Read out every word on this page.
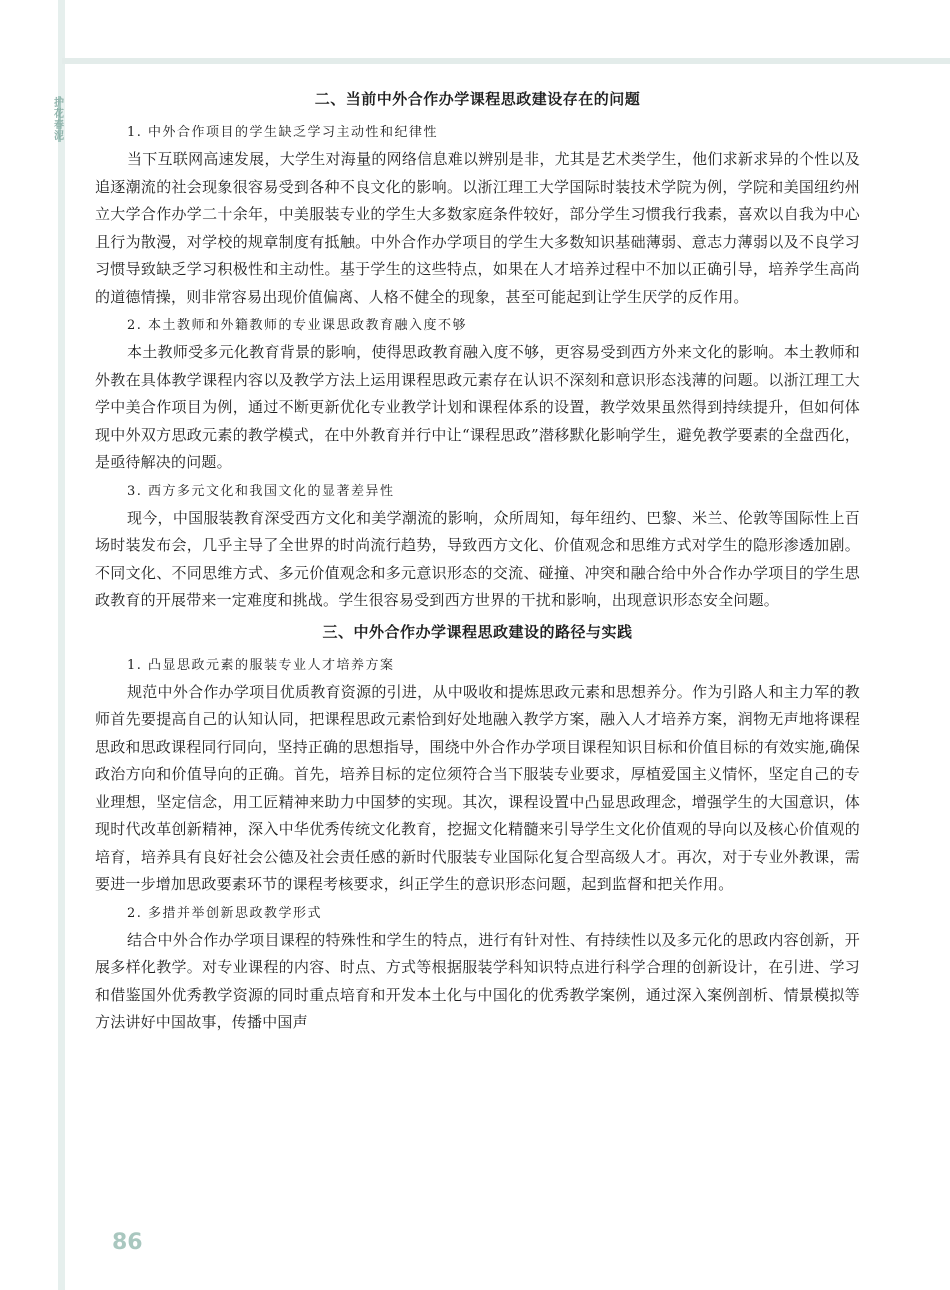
护花春泥
二、当前中外合作办学课程思政建设存在的问题
1. 中外合作项目的学生缺乏学习主动性和纪律性

当下互联网高速发展，大学生对海量的网络信息难以辨别是非，尤其是艺术类学生，他们求新求异的个性以及追逐潮流的社会现象很容易受到各种不良文化的影响。以浙江理工大学国际时装技术学院为例，学院和美国纽约州立大学合作办学二十余年，中美服装专业的学生大多数家庭条件较好，部分学生习惯我行我素，喜欢以自我为中心且行为散漫，对学校的规章制度有抵触。中外合作办学项目的学生大多数知识基础薄弱、意志力薄弱以及不良学习习惯导致缺乏学习积极性和主动性。基于学生的这些特点，如果在人才培养过程中不加以正确引导，培养学生高尚的道德情操，则非常容易出现价值偏离、人格不健全的现象，甚至可能起到让学生厌学的反作用。

2. 本土教师和外籍教师的专业课思政教育融入度不够

本土教师受多元化教育背景的影响，使得思政教育融入度不够，更容易受到西方外来文化的影响。本土教师和外教在具体教学课程内容以及教学方法上运用课程思政元素存在认识不深刻和意识形态浅薄的问题。以浙江理工大学中美合作项目为例，通过不断更新优化专业教学计划和课程体系的设置，教学效果虽然得到持续提升，但如何体现中外双方思政元素的教学模式，在中外教育并行中让“课程思政”潜移默化影响学生，避免教学要素的全盘西化，是亟待解决的问题。

3. 西方多元文化和我国文化的显著差异性

现今，中国服装教育深受西方文化和美学潮流的影响，众所周知，每年纽约、巴黎、米兰、伦敦等国际性上百场时装发布会，几乎主导了全世界的时尚流行趋势，导致西方文化、价值观念和思维方式对学生的隐形渗透加剧。不同文化、不同思维方式、多元价值观念和多元意识形态的交流、碰撞、冲突和融合给中外合作办学项目的学生思政教育的开展带来一定难度和挑战。学生很容易受到西方世界的干扰和影响，出现意识形态安全问题。

三、中外合作办学课程思政建设的路径与实践
1. 凸显思政元素的服装专业人才培养方案

规范中外合作办学项目优质教育资源的引进，从中吸收和提炼思政元素和思想养分。作为引路人和主力军的教师首先要提高自己的认知认同，把课程思政元素恰到好处地融入教学方案，融入人才培养方案，润物无声地将课程思政和思政课程同行同向，坚持正确的思想指导，围绕中外合作办学项目课程知识目标和价值目标的有效实施,确保政治方向和价值导向的正确。首先，培养目标的定位须符合当下服装专业要求，厚植爱国主义情怀，坚定自己的专业理想，坚定信念，用工匠精神来助力中国梦的实现。其次，课程设置中凸显思政理念，增强学生的大国意识，体现时代改革创新精神，深入中华优秀传统文化教育，挖掘文化精髓来引导学生文化价值观的导向以及核心价值观的培育，培养具有良好社会公德及社会责任感的新时代服装专业国际化复合型高级人才。再次，对于专业外教课，需要进一步增加思政要素环节的课程考核要求，纠正学生的意识形态问题，起到监督和把关作用。

2. 多措并举创新思政教学形式

结合中外合作办学项目课程的特殊性和学生的特点，进行有针对性、有持续性以及多元化的思政内容创新，开展多样化教学。对专业课程的内容、时点、方式等根据服装学科知识特点进行科学合理的创新设计，在引进、学习和借鉴国外优秀教学资源的同时重点培育和开发本土化与中国化的优秀教学案例，通过深入案例剖析、情景模拟等方法讲好中国故事，传播中国声

86
